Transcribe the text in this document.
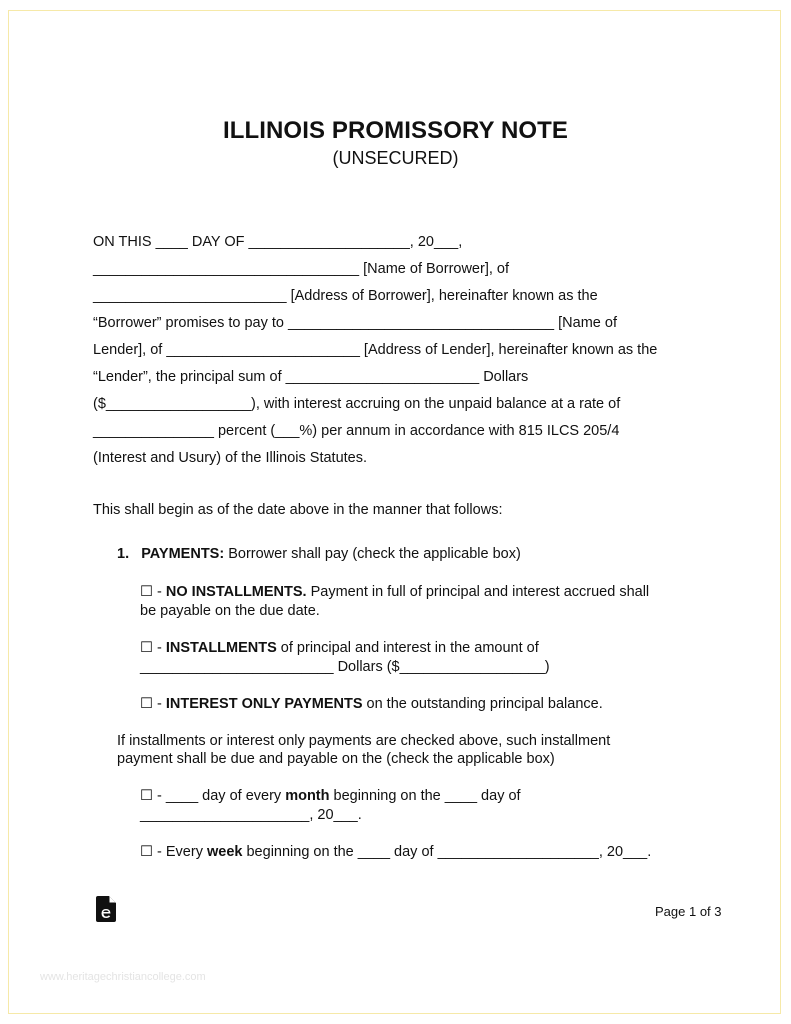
ILLINOIS PROMISSORY NOTE
(UNSECURED)
ON THIS ____ DAY OF ____________________, 20___,
_________________________________ [Name of Borrower], of
________________________ [Address of Borrower], hereinafter known as the
“Borrower” promises to pay to _________________________________ [Name of
Lender], of ________________________ [Address of Lender], hereinafter known as the
“Lender”, the principal sum of ________________________ Dollars
($__________________), with interest accruing on the unpaid balance at a rate of
_______________ percent (___%) per annum in accordance with 815 ILCS 205/4
(Interest and Usury) of the Illinois Statutes.
This shall begin as of the date above in the manner that follows:
1. PAYMENTS: Borrower shall pay (check the applicable box)
☐ - NO INSTALLMENTS. Payment in full of principal and interest accrued shall
be payable on the due date.
☐ - INSTALLMENTS of principal and interest in the amount of
________________________ Dollars ($__________________)
☐ - INTEREST ONLY PAYMENTS on the outstanding principal balance.
If installments or interest only payments are checked above, such installment
payment shall be due and payable on the (check the applicable box)
☐ - ____ day of every month beginning on the ____ day of
_____________________, 20___.
☐ - Every week beginning on the ____ day of ____________________, 20___.
Page 1 of 3
www.heritagechristiancollege.com
